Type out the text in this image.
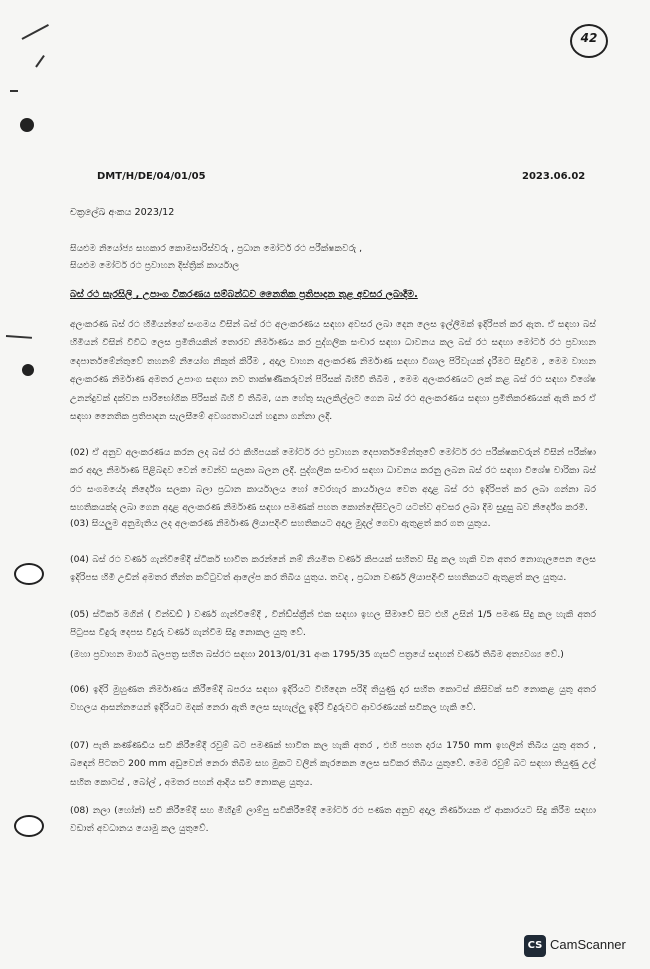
42
DMT/H/DE/04/01/05	2023.06.02
චක්‍රලේඛ අංකය 2023/12
සියළුම නියෝජ්‍ය සහකාර කොමසාරිස්වරු , ප්‍රධාන මෝටර් රථ පරීක්ෂකවරු ,
සියළුම මෝටර් රථ ප්‍රවාහන දිස්ත්‍රික් කාර්යාල
බස් රථ සැරසිලි , උපාංග විකරණය සම්බන්ධව නෛතික ප්‍රතිපාදන තුළ අවසර ලබාදීම.
අලංකරණ බස් රථ හිමියන්ගේ සංගමය විසින් බස් රථ අලංකරණය සඳහා අවසර ලබා දෙන ලෙස ඉල්ලීමක් ඉදිරිපත් කර ඇත. ඒ සඳහා බස් හිමියන් විසින් විවිධ ලෙස ප්‍රමිතියකින් තොරව නිර්මාණය කර පුද්ගලික සංචාර සඳහා ධාවනය කල බස් රථ සඳහා මෝටර් රථ ප්‍රවාහන දෙපාර්තමේන්තුවේ තහනම් නියෝග නිකුත් කිරීම , අදාල වාහන අලංකරණ නිර්මාණ සඳහා විශාල පිරිවැයක් දැරීමට සිදුවීම , මෙම වාහන අලංකරණ නිර්මාණ අමතර උපාංග සඳහා නව තාක්ෂණිකරුවන් පිරිසක් බිහිවී තිබීම , මෙම අලංකරණයට ලක් කළ බස් රථ සඳහා විශේෂ උනන්දුවක් දක්වන පාරිභෝගික පිරිසක් බිහි වී තිබීම, යන හේතු සැලකිල්ලට ගෙන බස් රථ අලංකරණය සඳහා ප්‍රමිතිකරණයක් ඇති කර ඒ සඳහා නෛතික ප්‍රතිපාදන සැලසීමේ අවශ්‍යතාවයන් හඳුනා ගන්නා ලදී.
(02) ඒ අනුව අලංකරණය කරන ලද බස් රථ කිහිපයක් මෝටර් රථ ප්‍රවාහන දෙපාර්තමේන්තුවේ මෝටර් රථ පරීක්ෂකවරුන් විසින් පරීක්ෂා කර අදාල නිර්මාණ පිළිබඳව වෙන් වෙන්ව සලකා බලන ලදී. පුද්ගලික සංචාර සඳහා ධාවනය කරනු ලබන බස් රථ සඳහා විශේෂ චාරිකා බස් රථ සංගමයේද නිර්දේශ සලකා බලා ප්‍රධාන කාර්යාලය හෝ වෙරහැර කාර්යාලය වෙත අදාළ බස් රථ ඉදිරිපත් කර ලබා ගන්නා බර සහතිකයක්ද ලබා ගෙන අදාළ අලංකරණ නිර්මාණ සඳහා පමණක් පහත කොන්දේසිවලට යටත්ව අවසර ලබා දීම සුදුසු බව නිර්දේශ කරමි.
(03) සියලුම අනුමැතිය ලද අලංකරණ නිර්මාණ ලියාපදිංචි සහතිකයට අදාල මුදල් ගෙවා ඇතුළත් කර ගත යුතුය.
(04) බස් රථ වර්ණ ගැන්වීමේදී ස්ටිකර් භාවිත කරන්නේ නම් නියමිත වර්ණ කිපයක් සහිතව සිදු කල හැකි වන අතර නොගැලපෙන ලෙස ඉදිරිපස හිමි උඩින් අමතර තීන්ත කට්ටුවත් ආලේප කර තිබිය යුතුය. තවද , ප්‍රධාන වර්ණ ලියාපදිංචි සහතිකයට ඇතුළත් කල යුතුය.
(05) ස්ටිකර් මගින් ( වින්ඩඩ් ) වර්ණ ගැන්වීමේදී , වින්ඩ්ස්ක්‍රීන් එක සඳහා ඉහල සීමාවේ සිට එහි උසින් 1/5 පමණ සිදු කල හැකි අතර පිටුපස වීදුරු දෙපස වීදුරු වර්ණ ගැන්වීම සිදු නොකල යුතු වේ.
(මහා ප්‍රවාහන මාර්ග බලපත්‍ර සහිත බස්රථ සඳහා 2013/01/31 අංක 1795/35 ගැසට් පත්‍රයේ සඳහන් වර්ණ තිබීම අත්‍යවශ්‍ය වේ.)
(06) ඉදිරි මුහුණත නිර්මාණය කිරීමේදී බපරය සඳහා ඉදිරියට විහිදෙන පරිදි තියුණු දාර සහිත කොටස් කිසිවක් සවි නොකළ යුතු අතර වහලය ආසන්නයෙන් ඉදිරියට මදක් නෙරා ඇති ලෙස සැහැල්ලු ඉදිරි වීදුරුවට ආවරණයක් සවිකල හැකි වේ.
(07) පැති කණ්ණඩිය සවි කිරීමේදී රවුම් බට පමණක් භාවිත කල හැකි අතර , එහි පහත දාරය 1750 mm ඉහලින් තිබිය යුතු අතර , බඳෙන් පිටතට 200 mm අඩුවෙන් නෙරා තිබීම සහ මුකට වලින් කැරකෙන ලෙස සවිකර තිබිය යුතුවේ. මෙම රවුම් බට සඳහා තියුණු උල් සහිත කොටස් , බෝල් , අමතර පහන් ආදිය සවි නොකළ යුතුය.
(08) නලා (හෝන්) සවි කිරීමේදී සහ මිහිදුම් ලාම්පු සවිකිරීමේදී මෝටර් රථ පණත අනුව අදාල නිර්ණායක ඒ ආකාරයට සිදු කිරීම සඳහා වඩාත් අවධානය යොමු කල යුතුවේ.
CS CamScanner
